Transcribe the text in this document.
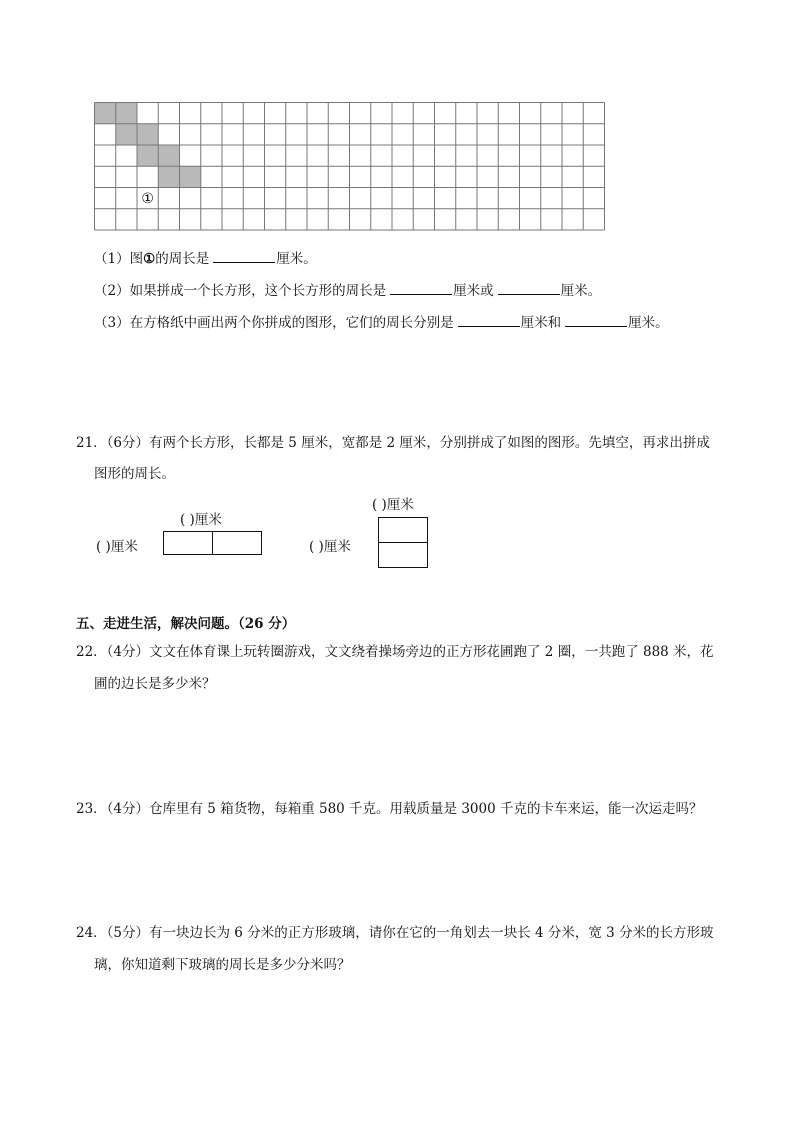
①
（1）图①的周长是	厘米。
（2）如果拼成一个长方形，这个长方形的周长是	厘米或	厘米。
（3）在方格纸中画出两个你拼成的图形，它们的周长分别是	厘米和	厘米。
21．（6分）有两个长方形，长都是 5 厘米，宽都是 2 厘米，分别拼成了如图的图形。先填空，再求出拼成
图形的周长。
( )厘米
( )厘米
( )厘米
( )厘米
五、走进生活，解决问题。（26 分）
22．（4分）文文在体育课上玩转圈游戏，文文绕着操场旁边的正方形花圃跑了 2 圈，一共跑了 888 米，花
圃的边长是多少米？
23．（4分）仓库里有 5 箱货物，每箱重 580 千克。用载质量是 3000 千克的卡车来运，能一次运走吗？
24．（5分）有一块边长为 6 分米的正方形玻璃，请你在它的一角划去一块长 4 分米，宽 3 分米的长方形玻
璃，你知道剩下玻璃的周长是多少分米吗？
